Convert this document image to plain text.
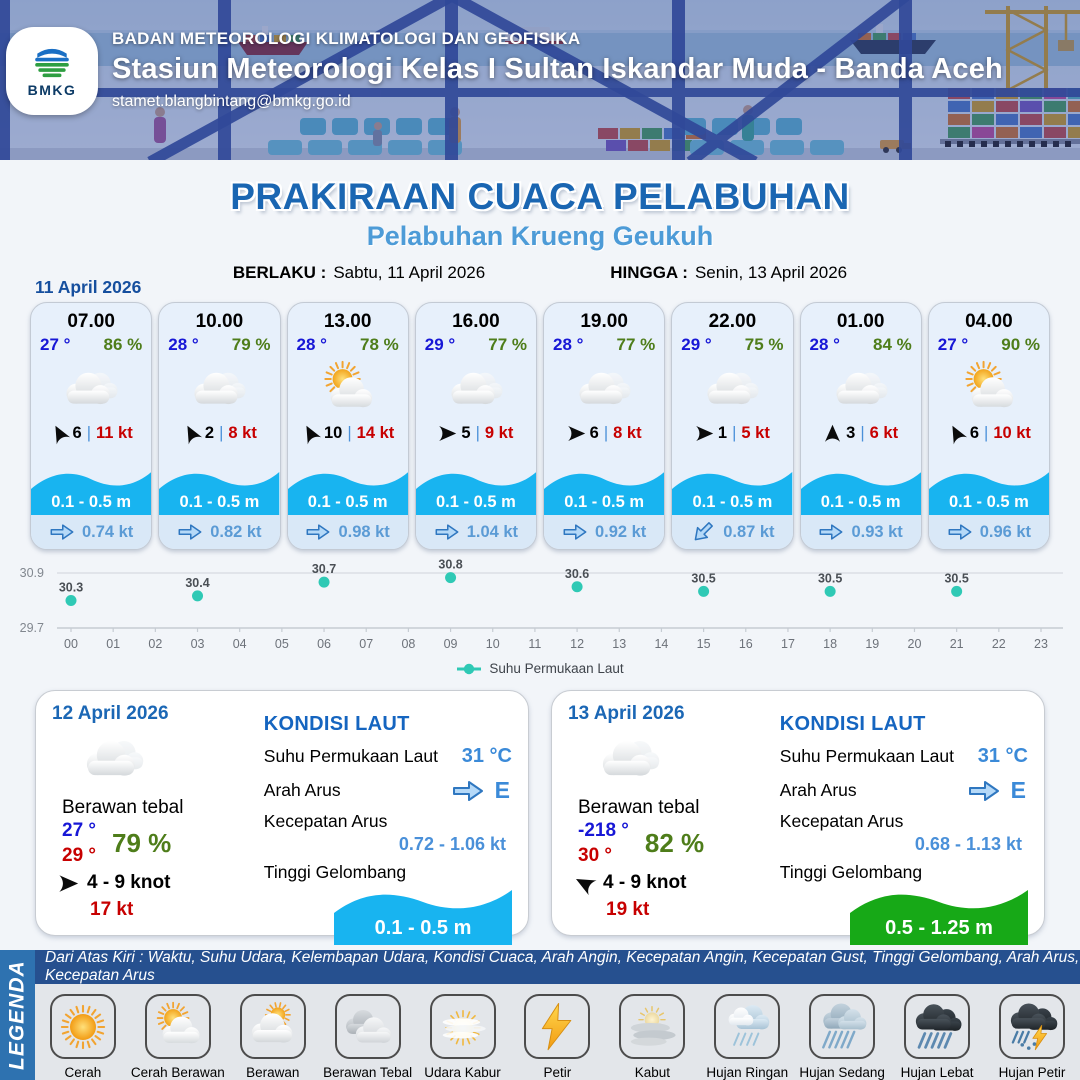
BMKG
BADAN METEOROLOGI KLIMATOLOGI DAN GEOFISIKA
Stasiun Meteorologi Kelas I Sultan Iskandar Muda - Banda Aceh
stamet.blangbintang@bmkg.go.id
PRAKIRAAN CUACA PELABUHAN
Pelabuhan Krueng Geukuh
BERLAKU : Sabtu, 11 April 2026	HINGGA : Senin, 13 April 2026
11 April 2026
07.00
27 ° 86 %
6 | 11 kt
0.1 - 0.5 m
0.74 kt
10.00
28 ° 79 %
2 | 8 kt
0.1 - 0.5 m
0.82 kt
13.00
28 ° 78 %
10 | 14 kt
0.1 - 0.5 m
0.98 kt
16.00
29 ° 77 %
5 | 9 kt
0.1 - 0.5 m
1.04 kt
19.00
28 ° 77 %
6 | 8 kt
0.1 - 0.5 m
0.92 kt
22.00
29 ° 75 %
1 | 5 kt
0.1 - 0.5 m
0.87 kt
01.00
28 ° 84 %
3 | 6 kt
0.1 - 0.5 m
0.93 kt
04.00
27 ° 90 %
6 | 10 kt
0.1 - 0.5 m
0.96 kt
30.9
29.7
00 01 02 03 04 05 06 07 08 09 10 11 12 13 14 15 16 17 18 19 20 21 22 23
30.3	30.4
30.7	30.8
30.6	30.5	30.5	30.5
Suhu Permukaan Laut
12 April 2026
Berawan tebal
27 °
29 ° 79 %
4 - 9 knot
17 kt
KONDISI LAUT
Suhu Permukaan Laut 31 °C
Arah Arus	E
Kecepatan Arus
0.72 - 1.06 kt
Tinggi Gelombang
0.1 - 0.5 m
13 April 2026
Berawan tebal
-218 °
30 °	82 %
4 - 9 knot
19 kt
KONDISI LAUT
Suhu Permukaan Laut 31 °C
Arah Arus	E
Kecepatan Arus
0.68 - 1.13 kt
Tinggi Gelombang
0.5 - 1.25 m
LEGENDA
Dari Atas Kiri : Waktu, Suhu Udara, Kelembapan Udara, Kondisi Cuaca, Arah Angin, Kecepatan Angin, Kecepatan Gust, Tinggi Gelombang, Arah Arus, Kecepatan Arus
Cerah Cerah Berawan Berawan Berawan Tebal Udara Kabur	Petir	Kabut	Hujan Ringan Hujan Sedang Hujan Lebat Hujan Petir
